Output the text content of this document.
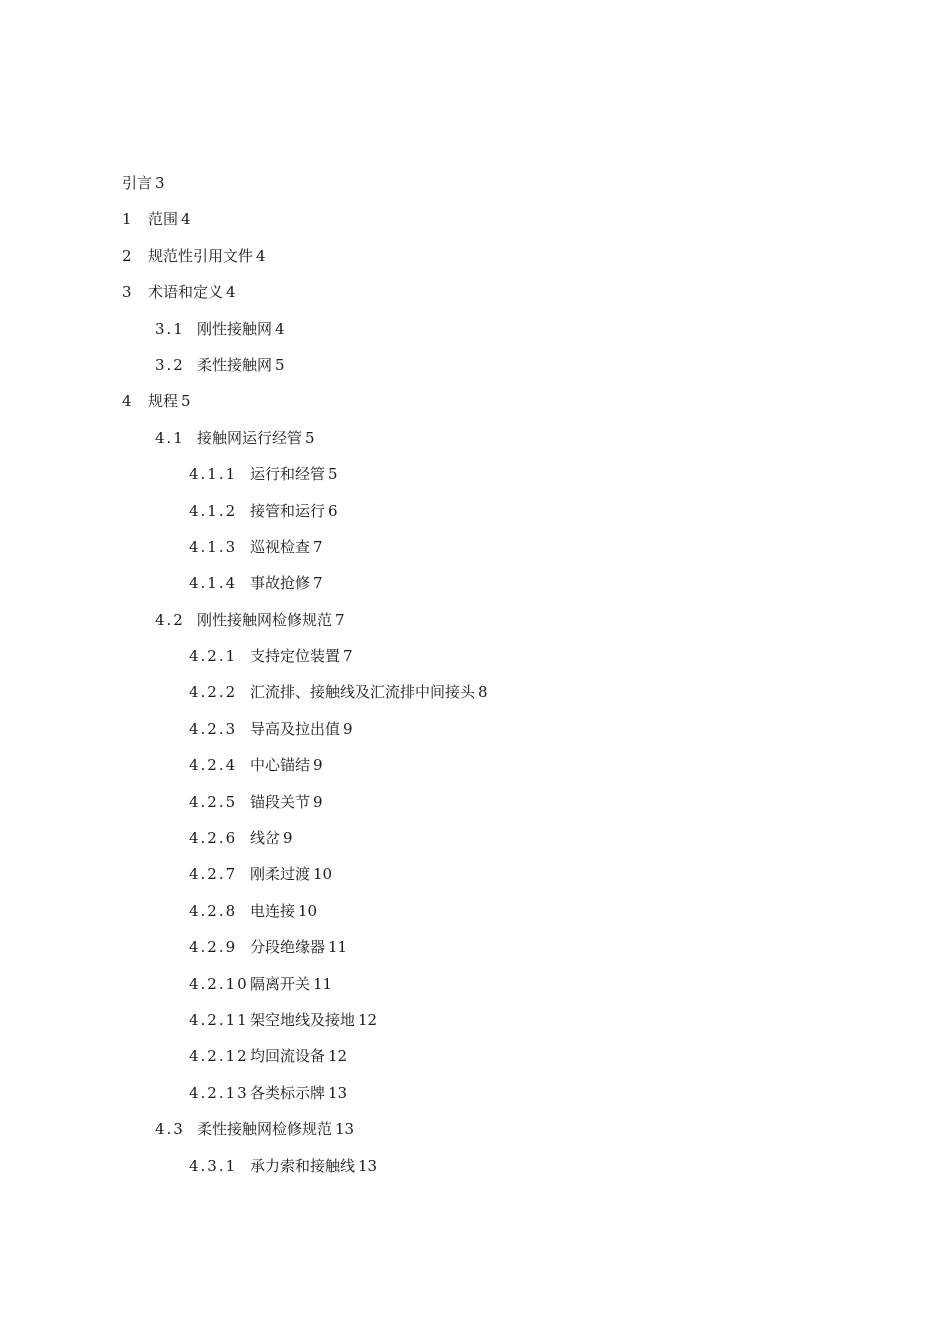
引言 3
1 范围 4
2 规范性引用文件 4
3 术语和定义 4
3.1 刚性接触网 4
3.2 柔性接触网 5
4 规程 5
4.1 接触网运行经管 5
4.1.1 运行和经管 5
4.1.2 接管和运行 6
4.1.3 巡视检查 7
4.1.4 事故抢修 7
4.2 刚性接触网检修规范 7
4.2.1 支持定位装置 7
4.2.2 汇流排、接触线及汇流排中间接头 8
4.2.3 导高及拉出值 9
4.2.4 中心锚结 9
4.2.5 锚段关节 9
4.2.6 线岔 9
4.2.7 刚柔过渡 10
4.2.8 电连接 10
4.2.9 分段绝缘器 11
4.2.10隔离开关 11
4.2.11架空地线及接地 12
4.2.12均回流设备 12
4.2.13各类标示牌 13
4.3 柔性接触网检修规范 13
4.3.1 承力索和接触线 13
